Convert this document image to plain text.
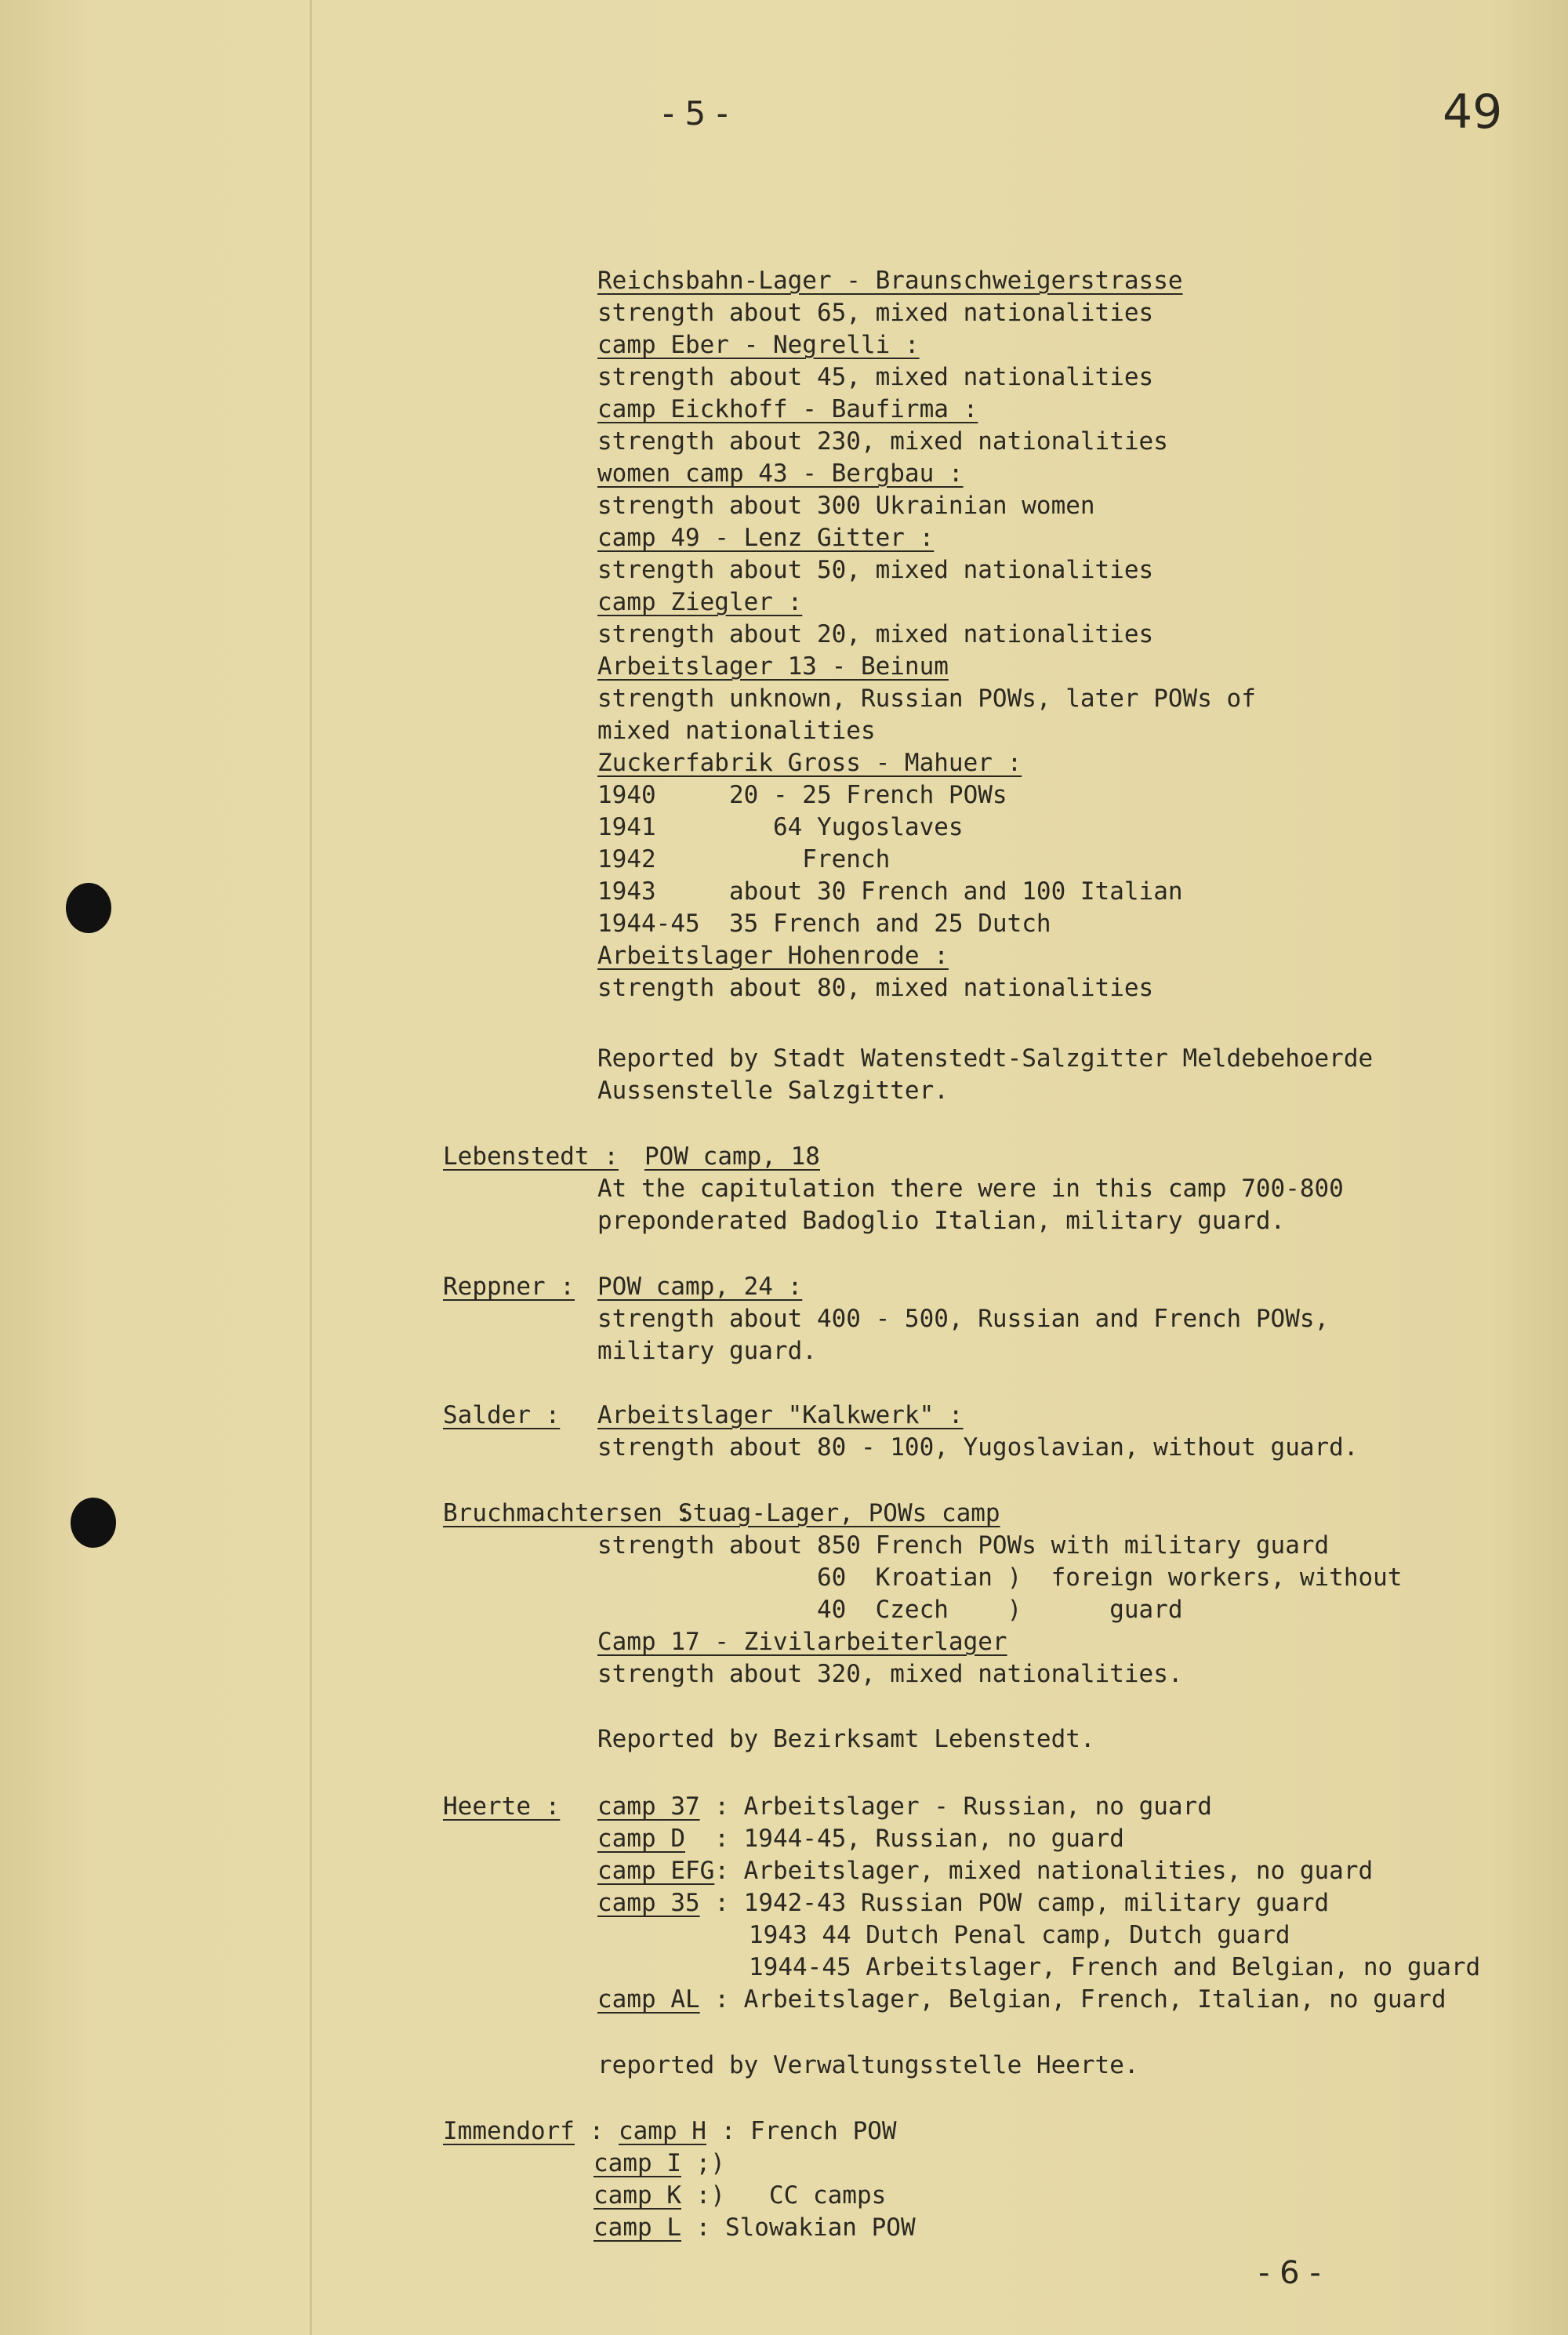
- 5 -	49
Reichsbahn-Lager - Braunschweigerstrasse
strength about 65, mixed nationalities
camp Eber - Negrelli :
strength about 45, mixed nationalities
camp Eickhoff - Baufirma :
strength about 230, mixed nationalities
women camp 43 - Bergbau :
strength about 300 Ukrainian women
camp 49 - Lenz Gitter :
strength about 50, mixed nationalities
camp Ziegler :
strength about 20, mixed nationalities
Arbeitslager 13 - Beinum
strength unknown, Russian POWs, later POWs of
mixed nationalities
Zuckerfabrik Gross - Mahuer :
1940     20 - 25 French POWs
1941        64 Yugoslaves
1942          French
1943     about 30 French and 100 Italian
1944-45  35 French and 25 Dutch
Arbeitslager Hohenrode :
strength about 80, mixed nationalities
Reported by Stadt Watenstedt-Salzgitter Meldebehoerde
Aussenstelle Salzgitter.
Lebenstedt : POW camp, 18
At the capitulation there were in this camp 700-800
preponderated Badoglio Italian, military guard.
Reppner : POW camp, 24 :
strength about 400 - 500, Russian and French POWs,
military guard.
Salder : Arbeitslager "Kalkwerk" :
strength about 80 - 100, Yugoslavian, without guard.
Bruchmachtersen :
Stuag-Lager, POWs camp
strength about 850 French POWs with military guard
60  Kroatian )  foreign workers, without
40  Czech    )      guard
Camp 17 - Zivilarbeiterlager
strength about 320, mixed nationalities.
Reported by Bezirksamt Lebenstedt.
Heerte : camp 37 : Arbeitslager - Russian, no guard
camp D  : 1944-45, Russian, no guard
camp EFG: Arbeitslager, mixed nationalities, no guard
camp 35 : 1942-43 Russian POW camp, military guard
1943 44 Dutch Penal camp, Dutch guard
1944-45 Arbeitslager, French and Belgian, no guard
camp AL : Arbeitslager, Belgian, French, Italian, no guard
reported by Verwaltungsstelle Heerte.
Immendorf : camp H : French POW
camp I ;)
camp K :)   CC camps
camp L : Slowakian POW
- 6 -
